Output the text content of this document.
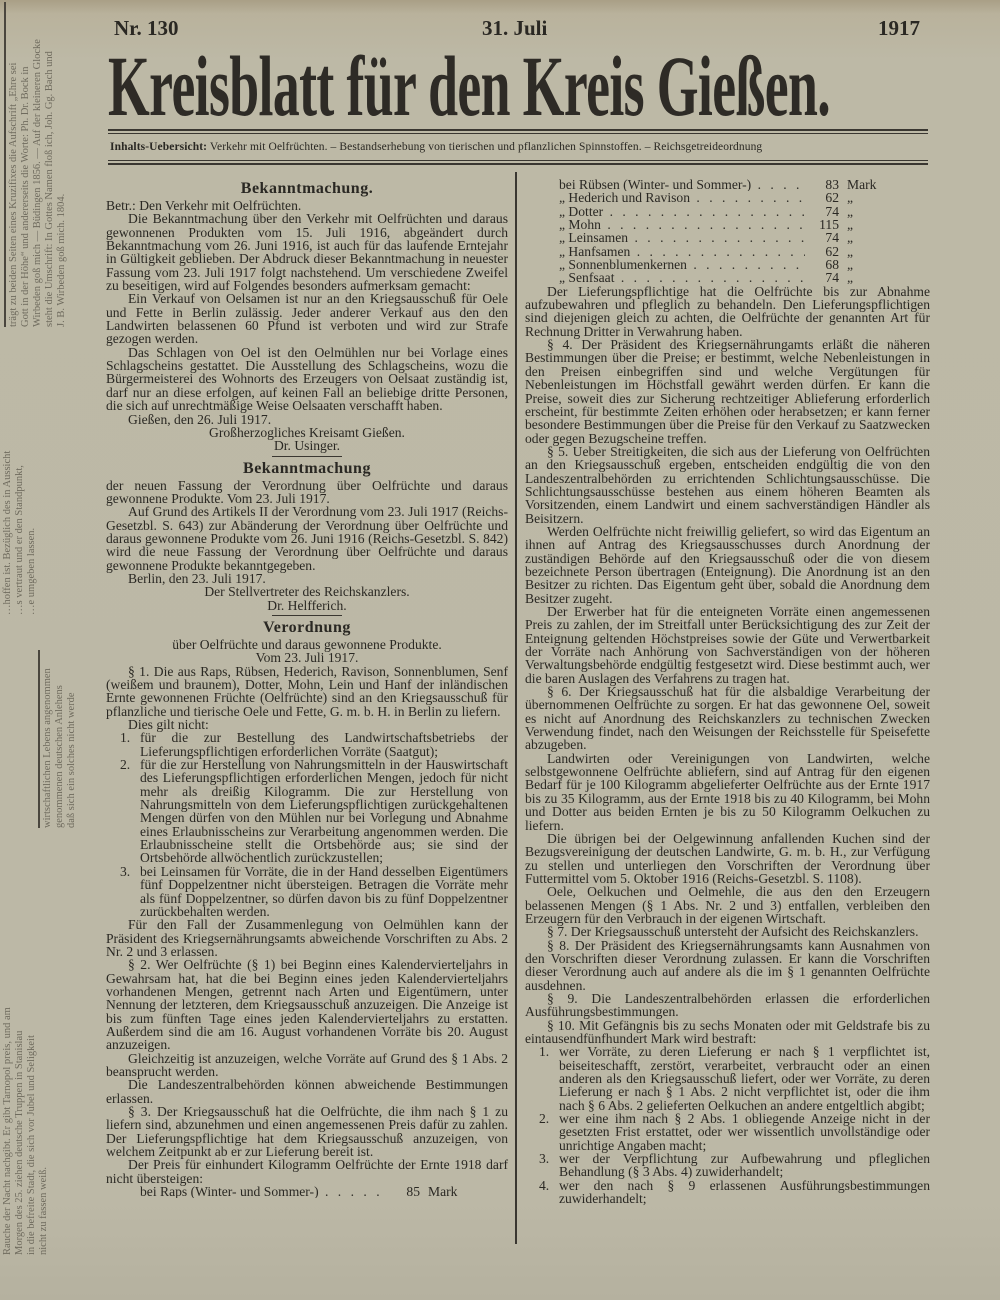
trägt zu beiden Seiten eines Kruzifixes die Aufschrift „Ehre sei Gott in der Höhe“ und andererseits die Worte: Ph. Dr. Bock in Wirbeden goß mich — Büdingen 1856. — Auf der kleineren Glocke steht die Umschrift: In Gottes Namen floß ich, Joh. Gg. Bach und J. B. Wirbeden goß mich. 1804.
…hoffen ist. Bezüglich des in Aussicht …s vertraut und er den Standpunkt, …e umgeben lassen.
wirtschaftlichen Lebens angenommen genommenen deutschen Anlehens daß sich ein solches nicht werde
Rauche der Nacht nachgibt. Er gibt Tarnopol preis, und am Morgen des 25. ziehen deutsche Truppen in Stanislau in die befreite Stadt, die sich vor Jubel und Seligkeit nicht zu fassen weiß.
Nr. 130	31. Juli	1917
Kreisblatt für den Kreis Gießen.
Inhalts-Uebersicht: Verkehr mit Oelfrüchten. – Bestandserhebung von tierischen und pflanzlichen Spinnstoffen. – Reichsgetreideordnung
Bekanntmachung.

Betr.: Den Verkehr mit Oelfrüchten.

Die Bekanntmachung über den Verkehr mit Oelfrüchten und daraus gewonnenen Produkten vom 15. Juli 1916, abgeändert durch Bekanntmachung vom 26. Juni 1916, ist auch für das laufende Erntejahr in Gültigkeit geblieben. Der Abdruck dieser Bekanntmachung in neuester Fassung vom 23. Juli 1917 folgt nachstehend. Um verschiedene Zweifel zu beseitigen, wird auf Folgendes besonders aufmerksam gemacht:

Ein Verkauf von Oelsamen ist nur an den Kriegsausschuß für Oele und Fette in Berlin zulässig. Jeder anderer Verkauf aus den den Landwirten belassenen 60 Pfund ist verboten und wird zur Strafe gezogen werden.

Das Schlagen von Oel ist den Oelmühlen nur bei Vorlage eines Schlagscheins gestattet. Die Ausstellung des Schlagscheins, wozu die Bürgermeisterei des Wohnorts des Erzeugers von Oelsaat zuständig ist, darf nur an diese erfolgen, auf keinen Fall an beliebige dritte Personen, die sich auf unrechtmäßige Weise Oelsaaten verschafft haben.

Gießen, den 26. Juli 1917.

Großherzogliches Kreisamt Gießen.

Dr. Usinger.

Bekanntmachung

der neuen Fassung der Verordnung über Oelfrüchte und daraus gewonnene Produkte. Vom 23. Juli 1917.

Auf Grund des Artikels II der Verordnung vom 23. Juli 1917 (Reichs-Gesetzbl. S. 643) zur Abänderung der Verordnung über Oelfrüchte und daraus gewonnene Produkte vom 26. Juni 1916 (Reichs-Gesetzbl. S. 842) wird die neue Fassung der Verordnung über Oelfrüchte und daraus gewonnene Produkte bekanntgegeben.

Berlin, den 23. Juli 1917.

Der Stellvertreter des Reichskanzlers.

Dr. Helfferich.

Verordnung

über Oelfrüchte und daraus gewonnene Produkte.

Vom 23. Juli 1917.

§ 1. Die aus Raps, Rübsen, Hederich, Ravison, Sonnenblumen, Senf (weißem und braunem), Dotter, Mohn, Lein und Hanf der inländischen Ernte gewonnenen Früchte (Oelfrüchte) sind an den Kriegsausschuß für pflanzliche und tierische Oele und Fette, G. m. b. H. in Berlin zu liefern.

Dies gilt nicht:

1. für die zur Bestellung des Landwirtschaftsbetriebs der Lieferungspflichtigen erforderlichen Vorräte (Saatgut);
2. für die zur Herstellung von Nahrungsmitteln in der Hauswirtschaft des Lieferungspflichtigen erforderlichen Mengen, jedoch für nicht mehr als dreißig Kilogramm. Die zur Herstellung von Nahrungsmitteln von dem Lieferungspflichtigen zurückgehaltenen Mengen dürfen von den Mühlen nur bei Vorlegung und Abnahme eines Erlaubnisscheins zur Verarbeitung angenommen werden. Die Erlaubnisscheine stellt die Ortsbehörde aus; sie sind der Ortsbehörde allwöchentlich zurückzustellen;
3. bei Leinsamen für Vorräte, die in der Hand desselben Eigentümers fünf Doppelzentner nicht übersteigen. Betragen die Vorräte mehr als fünf Doppelzentner, so dürfen davon bis zu fünf Doppelzentner zurückbehalten werden.

Für den Fall der Zusammenlegung von Oelmühlen kann der Präsident des Kriegsernährungsamts abweichende Vorschriften zu Abs. 2 Nr. 2 und 3 erlassen.

§ 2. Wer Oelfrüchte (§ 1) bei Beginn eines Kalendervierteljahrs in Gewahrsam hat, hat die bei Beginn eines jeden Kalendervierteljahrs vorhandenen Mengen, getrennt nach Arten und Eigentümern, unter Nennung der letzteren, dem Kriegsausschuß anzuzeigen. Die Anzeige ist bis zum fünften Tage eines jeden Kalendervierteljahrs zu erstatten. Außerdem sind die am 16. August vorhandenen Vorräte bis 20. August anzuzeigen.

Gleichzeitig ist anzuzeigen, welche Vorräte auf Grund des § 1 Abs. 2 beansprucht werden.

Die Landeszentralbehörden können abweichende Bestimmungen erlassen.

§ 3. Der Kriegsausschuß hat die Oelfrüchte, die ihm nach § 1 zu liefern sind, abzunehmen und einen angemessenen Preis dafür zu zahlen. Der Lieferungspflichtige hat dem Kriegsausschuß anzuzeigen, von welchem Zeitpunkt ab er zur Lieferung bereit ist.

Der Preis für einhundert Kilogramm Oelfrüchte der Ernte 1918 darf nicht übersteigen:

bei Raps (Winter- und Sommer-) . . .	85 Mark
bei Rübsen (Winter- und Sommer-) . . .	83 Mark
„ Hederich und Ravison . . .	62 „
„ Dotter . . .	74 „
„ Mohn . . .	115 „
„ Leinsamen . . .	74 „
„ Hanfsamen . . .	62 „
„ Sonnenblumenkernen . . .	68 „
„ Senfsaat . . .	74 „

Der Lieferungspflichtige hat die Oelfrüchte bis zur Abnahme aufzubewahren und pfleglich zu behandeln. Den Lieferungspflichtigen sind diejenigen gleich zu achten, die Oelfrüchte der genannten Art für Rechnung Dritter in Verwahrung haben.

§ 4. Der Präsident des Kriegsernährungamts erläßt die näheren Bestimmungen über die Preise; er bestimmt, welche Nebenleistungen in den Preisen einbegriffen sind und welche Vergütungen für Nebenleistungen im Höchstfall gewährt werden dürfen. Er kann die Preise, soweit dies zur Sicherung rechtzeitiger Ablieferung erforderlich erscheint, für bestimmte Zeiten erhöhen oder herabsetzen; er kann ferner besondere Bestimmungen über die Preise für den Verkauf zu Saatzwecken oder gegen Bezugscheine treffen.

§ 5. Ueber Streitigkeiten, die sich aus der Lieferung von Oelfrüchten an den Kriegsausschuß ergeben, entscheiden endgültig die von den Landeszentralbehörden zu errichtenden Schlichtungsausschüsse. Die Schlichtungsausschüsse bestehen aus einem höheren Beamten als Vorsitzenden, einem Landwirt und einem sachverständigen Händler als Beisitzern.

Werden Oelfrüchte nicht freiwillig geliefert, so wird das Eigentum an ihnen auf Antrag des Kriegsausschusses durch Anordnung der zuständigen Behörde auf den Kriegsausschuß oder die von diesem bezeichnete Person übertragen (Enteignung). Die Anordnung ist an den Besitzer zu richten. Das Eigentum geht über, sobald die Anordnung dem Besitzer zugeht.

Der Erwerber hat für die enteigneten Vorräte einen angemessenen Preis zu zahlen, der im Streitfall unter Berücksichtigung des zur Zeit der Enteignung geltenden Höchstpreises sowie der Güte und Verwertbarkeit der Vorräte nach Anhörung von Sachverständigen von der höheren Verwaltungsbehörde endgültig festgesetzt wird. Diese bestimmt auch, wer die baren Auslagen des Verfahrens zu tragen hat.

§ 6. Der Kriegsausschuß hat für die alsbaldige Verarbeitung der übernommenen Oelfrüchte zu sorgen. Er hat das gewonnene Oel, soweit es nicht auf Anordnung des Reichskanzlers zu technischen Zwecken Verwendung findet, nach den Weisungen der Reichsstelle für Speisefette abzugeben.

Landwirten oder Vereinigungen von Landwirten, welche selbstgewonnene Oelfrüchte abliefern, sind auf Antrag für den eigenen Bedarf für je 100 Kilogramm abgelieferter Oelfrüchte aus der Ernte 1917 bis zu 35 Kilogramm, aus der Ernte 1918 bis zu 40 Kilogramm, bei Mohn und Dotter aus beiden Ernten je bis zu 50 Kilogramm Oelkuchen zu liefern.

Die übrigen bei der Oelgewinnung anfallenden Kuchen sind der Bezugsvereinigung der deutschen Landwirte, G. m. b. H., zur Verfügung zu stellen und unterliegen den Vorschriften der Verordnung über Futtermittel vom 5. Oktober 1916 (Reichs-Gesetzbl. S. 1108).

Oele, Oelkuchen und Oelmehle, die aus den den Erzeugern belassenen Mengen (§ 1 Abs. Nr. 2 und 3) entfallen, verbleiben den Erzeugern für den Verbrauch in der eigenen Wirtschaft.

§ 7. Der Kriegsausschuß untersteht der Aufsicht des Reichskanzlers.

§ 8. Der Präsident des Kriegsernährungsamts kann Ausnahmen von den Vorschriften dieser Verordnung zulassen. Er kann die Vorschriften dieser Verordnung auch auf andere als die im § 1 genannten Oelfrüchte ausdehnen.

§ 9. Die Landeszentralbehörden erlassen die erforderlichen Ausführungsbestimmungen.

§ 10. Mit Gefängnis bis zu sechs Monaten oder mit Geldstrafe bis zu eintausendfünfhundert Mark wird bestraft:

1. wer Vorräte, zu deren Lieferung er nach § 1 verpflichtet ist, beiseiteschafft, zerstört, verarbeitet, verbraucht oder an einen anderen als den Kriegsausschuß liefert, oder wer Vorräte, zu deren Lieferung er nach § 1 Abs. 2 nicht verpflichtet ist, oder die ihm nach § 6 Abs. 2 gelieferten Oelkuchen an andere entgeltlich abgibt;
2. wer eine ihm nach § 2 Abs. 1 obliegende Anzeige nicht in der gesetzten Frist erstattet, oder wer wissentlich unvollständige oder unrichtige Angaben macht;
3. wer der Verpflichtung zur Aufbewahrung und pfleglichen Behandlung (§ 3 Abs. 4) zuwiderhandelt;
4. wer den nach § 9 erlassenen Ausführungsbestimmungen zuwiderhandelt;
